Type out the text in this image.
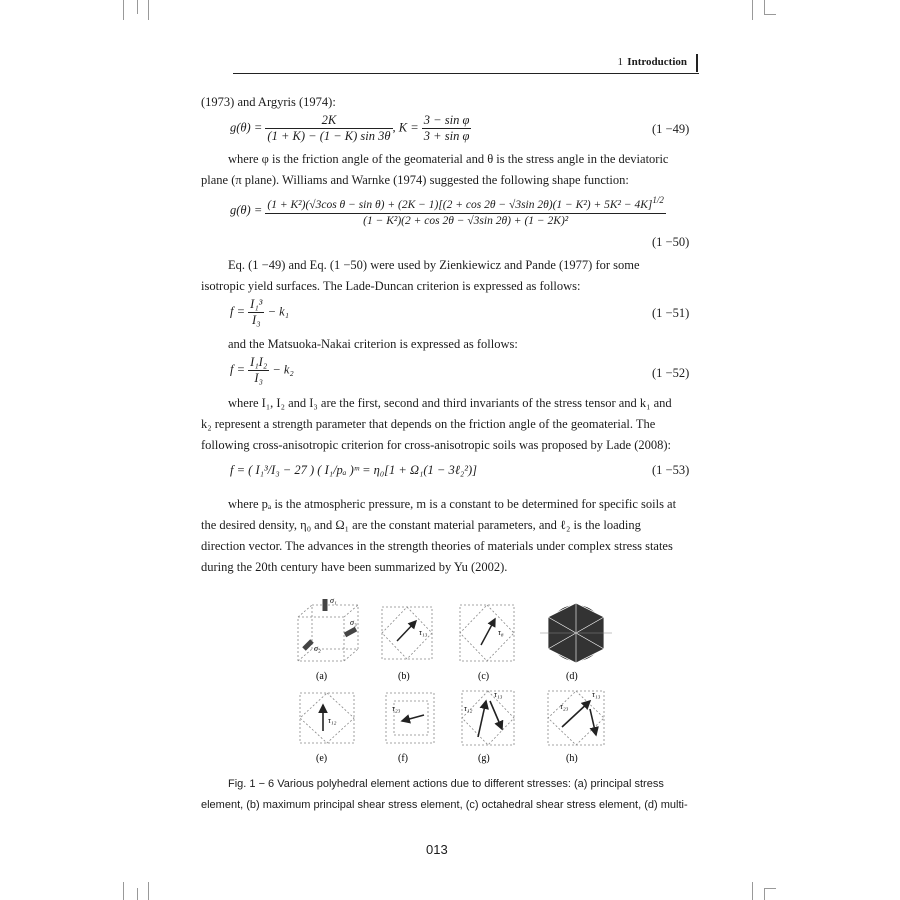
1 Introduction
(1973) and Argyris (1974):
$g(\theta) = \frac{2K}{(1 + K) - (1 - K) \sin 3\theta}$ , $K = \frac{\text{3 − sin φ}}{\text{3 + sin φ}}$	(1 −49)
where φ is the friction angle of the geomaterial and θ is the stress angle in the deviatoric
plane (π plane). Williams and Warnke (1974) suggested the following shape function:
g(θ) = (1 + K²)(√3cos θ − sin θ) + (2K − 1)[(2 + cos 2θ − √3sin 2θ)(1 − K²) + 5K² − 4K]$^{1/2}$
(1 − K²)(2 + cos 2θ − √3sin 2θ) + (1 − 2K)²
(1 −50)
Eq. (1 −49) and Eq. (1 −50) were used by Zienkiewicz and Pande (1977) for some
isotropic yield surfaces. The Lade-Duncan criterion is expressed as follows:
$f = \frac{\text{I₁³}}{\text{I₃}} - k_1$	(1 −51)
and the Matsuoka-Nakai criterion is expressed as follows:
$f = \frac{\text{I₁I₂}}{\text{I₃}} - k_2$	(1 −52)
where I₁, I₂ and I₃ are the first, second and third invariants of the stress tensor and k₁ and
k₂ represent a strength parameter that depends on the friction angle of the geomaterial. The
following cross-anisotropic criterion for cross-anisotropic soils was proposed by Lade (2008):
f = ( I₁³/I₃ − 27 ) ( I₁/pₐ )ᵐ = η₀[1 + Ω₁(1 − 3ℓ₂²)]	(1 −53)
where pₐ is the atmospheric pressure, m is a constant to be determined for specific soils at
the desired density, η₀ and Ω₁ are the constant material parameters, and ℓ₂ is the loading
direction vector. The advances in the strength theories of materials under complex stress states
during the 20th century have been summarized by Yu (2002).
σ₁
σ₃
σ₂
τ₁₃	τ₈
(a)	(b)	(c)	(d)
τ₁₂
τ₂₃	τ₁₂
τ₁₃	τ₁₃
τ₂₃
(e)	(f)	(g)	(h)
Fig. 1 − 6 Various polyhedral element actions due to different stresses: (a) principal stress
element, (b) maximum principal shear stress element, (c) octahedral shear stress element, (d) multi-
013
